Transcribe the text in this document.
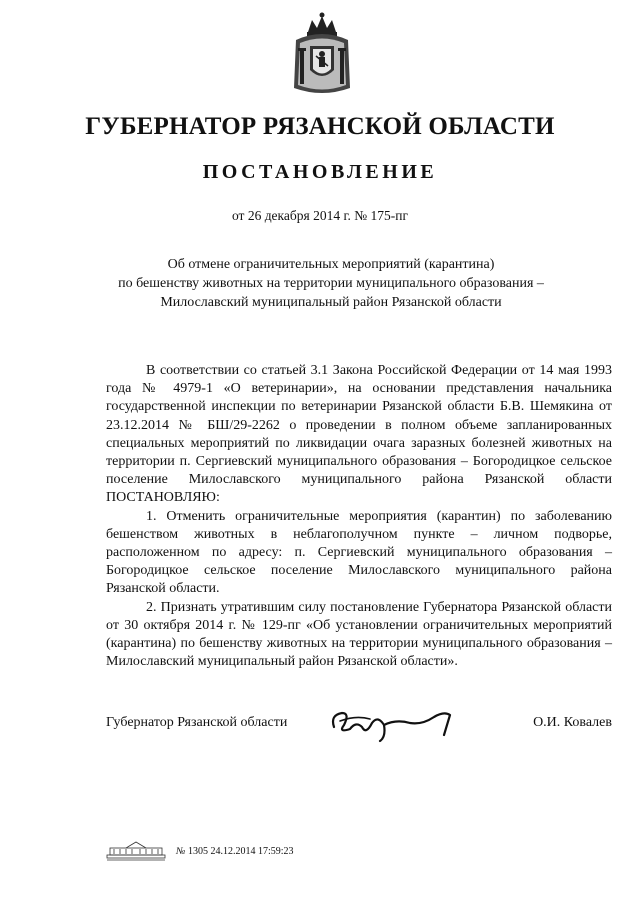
ГУБЕРНАТОР РЯЗАНСКОЙ ОБЛАСТИ
ПОСТАНОВЛЕНИЕ
от 26 декабря 2014 г. № 175-пг
Об отмене ограничительных мероприятий (карантина)
по бешенству животных на территории муниципального образования –
Милославский муниципальный район Рязанской области

В соответствии со статьей 3.1 Закона Российской Федерации от 14 мая 1993 года № 4979-1 «О ветеринарии», на основании представления начальника государственной инспекции по ветеринарии Рязанской области Б.В. Шемякина от 23.12.2014 № БШ/29-2262 о проведении в полном объеме запланированных специальных мероприятий по ликвидации очага заразных болезней животных на территории п. Сергиевский муниципального образования – Богородицкое сельское поселение Милославского муниципального района Рязанской области ПОСТАНОВЛЯЮ:

1. Отменить ограничительные мероприятия (карантин) по заболеванию бешенством животных в неблагополучном пункте – личном подворье, расположенном по адресу: п. Сергиевский муниципального образования – Богородицкое сельское поселение Милославского муниципального района Рязанской области.

2. Признать утратившим силу постановление Губернатора Рязанской области от 30 октября 2014 г. № 129-пг «Об установлении ограничительных мероприятий (карантина) по бешенству животных на территории муниципального образования – Милославский муниципальный район Рязанской области».

Губернатор Рязанской области	О.И. Ковалев
№ 1305 24.12.2014 17:59:23
